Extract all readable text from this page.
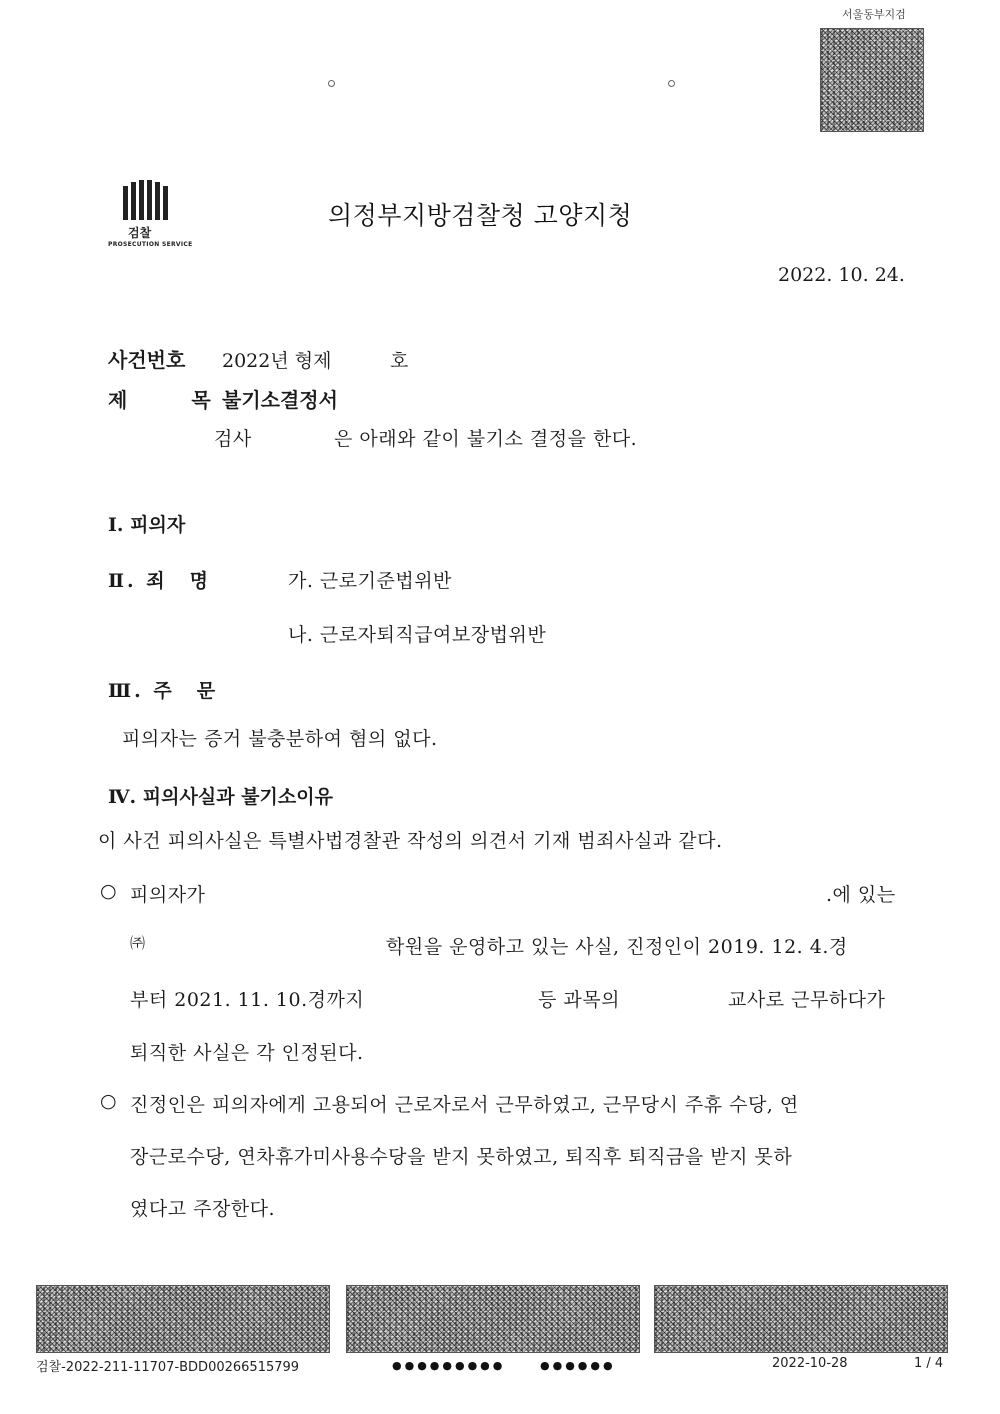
서울동부지검
검찰
PROSECUTION SERVICE
의정부지방검찰청 고양지청
2022. 10. 24.
사건번호 2022년 형제	호
제　　목 불기소결정서
검사	은 아래와 같이 불기소 결정을 한다.
Ⅰ. 피의자
Ⅱ. 죄　명	가. 근로기준법위반
나. 근로자퇴직급여보장법위반
Ⅲ. 주　문
피의자는 증거 불충분하여 혐의 없다.
Ⅳ. 피의사실과 불기소이유
이 사건 피의사실은 특별사법경찰관 작성의 의견서 기재 범죄사실과 같다.
○ 피의자가	.에 있는
㈜	학원을 운영하고 있는 사실, 진정인이 2019. 12. 4.경
부터 2021. 11. 10.경까지	등 과목의	교사로 근무하다가
퇴직한 사실은 각 인정된다.
○ 진정인은 피의자에게 고용되어 근로자로서 근무하였고, 근무당시 주휴 수당, 연
장근로수당, 연차휴가미사용수당을 받지 못하였고, 퇴직후 퇴직금을 받지 못하
였다고 주장한다.
검찰-2022-211-11707-BDD00266515799	●●●●●●●●●	●●●●●●	2022-10-28	1 / 4
